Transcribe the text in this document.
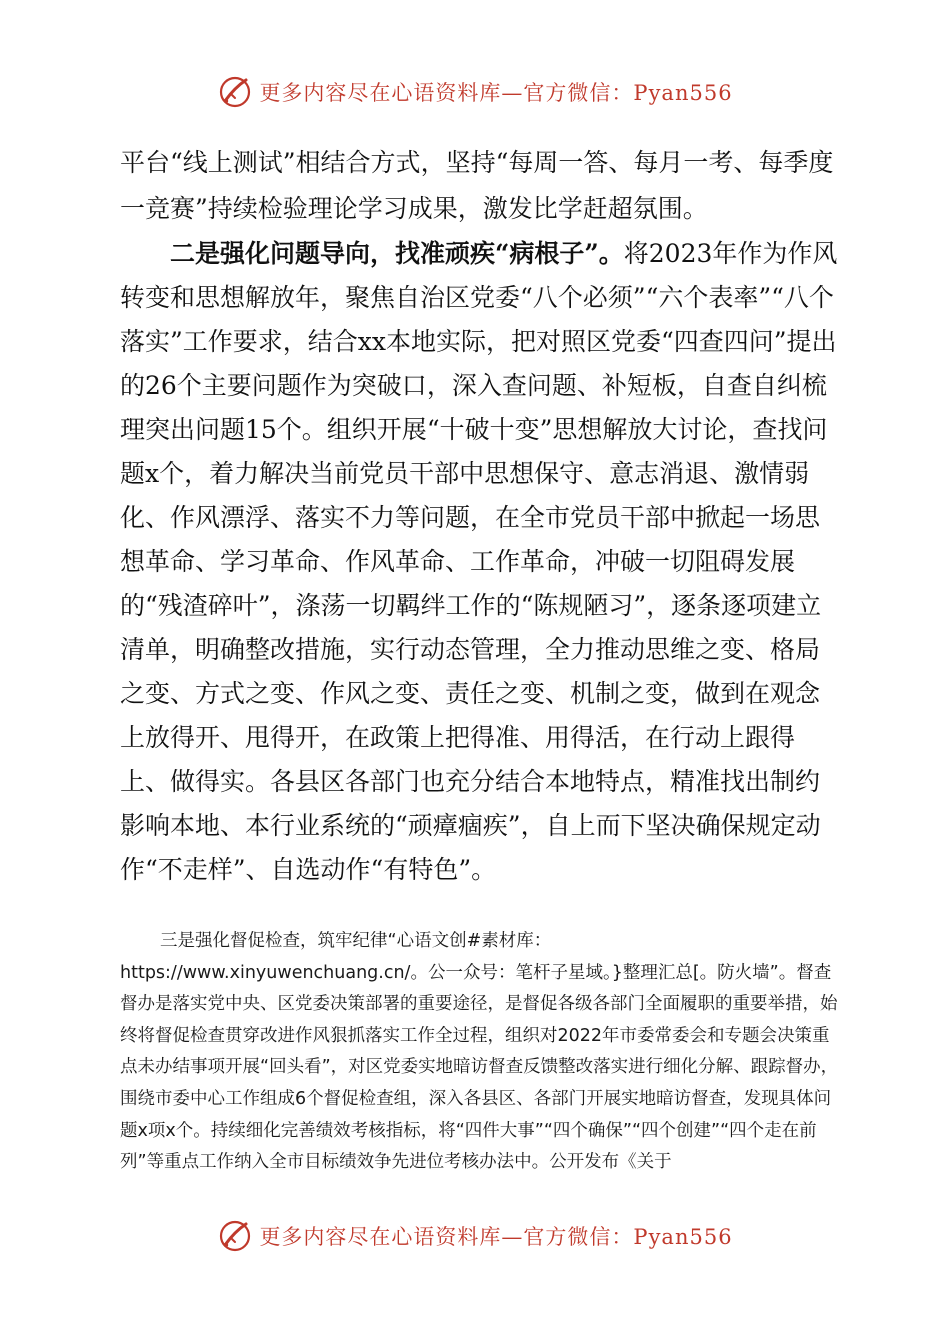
更多内容尽在心语资料库—官方微信：Pyan556

平台“线上测试”相结合方式，坚持“每周一答、每月一考、每季度一竞赛”持续检验理论学习成果，激发比学赶超氛围。

二是强化问题导向，找准顽疾“病根子”。将2023年作为作风转变和思想解放年，聚焦自治区党委“八个必须”“六个表率”“八个落实”工作要求，结合xx本地实际，把对照区党委“四查四问”提出的26个主要问题作为突破口，深入查问题、补短板，自查自纠梳理突出问题15个。组织开展“十破十变”思想解放大讨论，查找问题x个，着力解决当前党员干部中思想保守、意志消退、激情弱化、作风漂浮、落实不力等问题，在全市党员干部中掀起一场思想革命、学习革命、作风革命、工作革命，冲破一切阻碍发展的“残渣碎叶”，涤荡一切羁绊工作的“陈规陋习”，逐条逐项建立清单，明确整改措施，实行动态管理，全力推动思维之变、格局之变、方式之变、作风之变、责任之变、机制之变，做到在观念上放得开、甩得开，在政策上把得准、用得活，在行动上跟得上、做得实。各县区各部门也充分结合本地特点，精准找出制约影响本地、本行业系统的“顽瘴痼疾”，自上而下坚决确保规定动作“不走样”、自选动作“有特色”。

三是强化督促检查，筑牢纪律“心语文创#素材库：https://www.xinyuwenchuang.cn/。公一众号：笔杆子星域。}整理汇总[。防火墙”。督查督办是落实党中央、区党委决策部署的重要途径，是督促各级各部门全面履职的重要举措，始终将督促检查贯穿改进作风狠抓落实工作全过程，组织对2022年市委常委会和专题会决策重点未办结事项开展“回头看”，对区党委实地暗访督查反馈整改落实进行细化分解、跟踪督办，围绕市委中心工作组成6个督促检查组，深入各县区、各部门开展实地暗访督查，发现具体问题x项x个。持续细化完善绩效考核指标，将“四件大事”“四个确保”“四个创建”“四个走在前列”等重点工作纳入全市目标绩效争先进位考核办法中。公开发布《关于

更多内容尽在心语资料库—官方微信：Pyan556
